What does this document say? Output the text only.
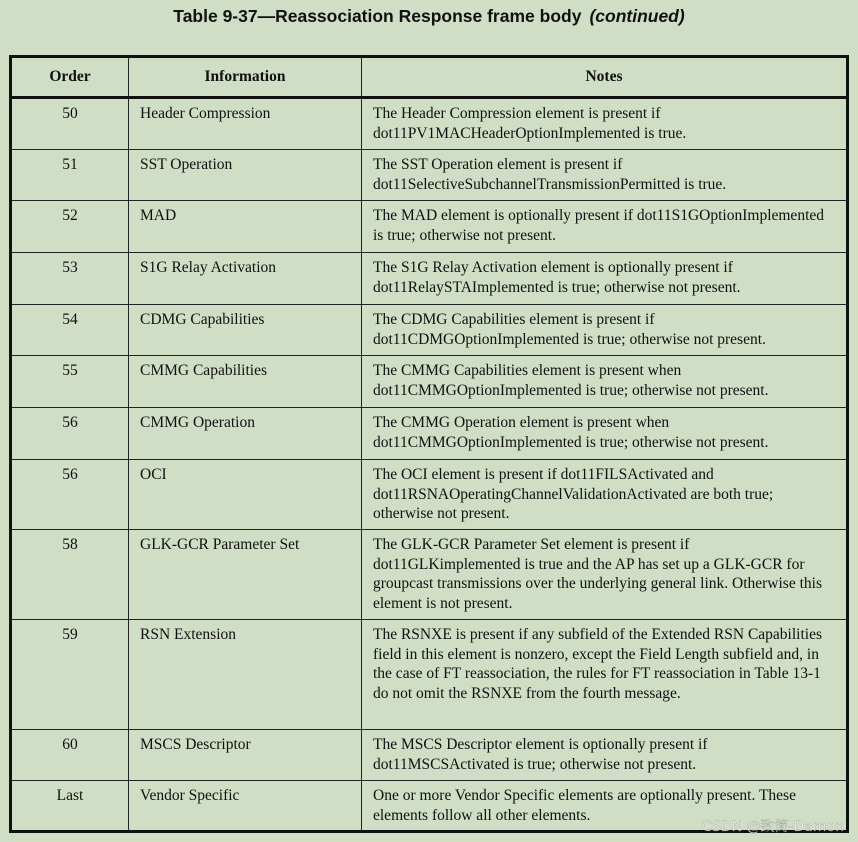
Table 9-37—Reassociation Response frame body (continued)
Order	Information	Notes
50	Header Compression	The Header Compression element is present if dot11PV1MACHeaderOptionImplemented is true.
51	SST Operation	The SST Operation element is present if dot11SelectiveSubchannelTransmissionPermitted is true.
52	MAD	The MAD element is optionally present if dot11S1GOptionImplemented is true; otherwise not present.
53	S1G Relay Activation	The S1G Relay Activation element is optionally present if dot11RelaySTAImplemented is true; otherwise not present.
54	CDMG Capabilities	The CDMG Capabilities element is present if dot11CDMGOptionImplemented is true; otherwise not present.
55	CMMG Capabilities	The CMMG Capabilities element is present when dot11CMMGOptionImplemented is true; otherwise not present.
56	CMMG Operation	The CMMG Operation element is present when dot11CMMGOptionImplemented is true; otherwise not present.
56	OCI	The OCI element is present if dot11FILSActivated and dot11RSNAOperatingChannelValidationActivated are both true; otherwise not present.
58	GLK-GCR Parameter Set	The GLK-GCR Parameter Set element is present if dot11GLKimplemented is true and the AP has set up a GLK-GCR for groupcast transmissions over the underlying general link. Otherwise this element is not present.
59	RSN Extension	The RSNXE is present if any subfield of the Extended RSN Capabilities field in this element is nonzero, except the Field Length subfield and, in the case of FT reassociation, the rules for FT reassociation in Table 13-1 do not omit the RSNXE from the fourth message.
60	MSCS Descriptor	The MSCS Descriptor element is optionally present if dot11MSCSActivated is true; otherwise not present.
Last	Vendor Specific	One or more Vendor Specific elements are optionally present. These elements follow all other elements.
CSDN @致简-Damon
